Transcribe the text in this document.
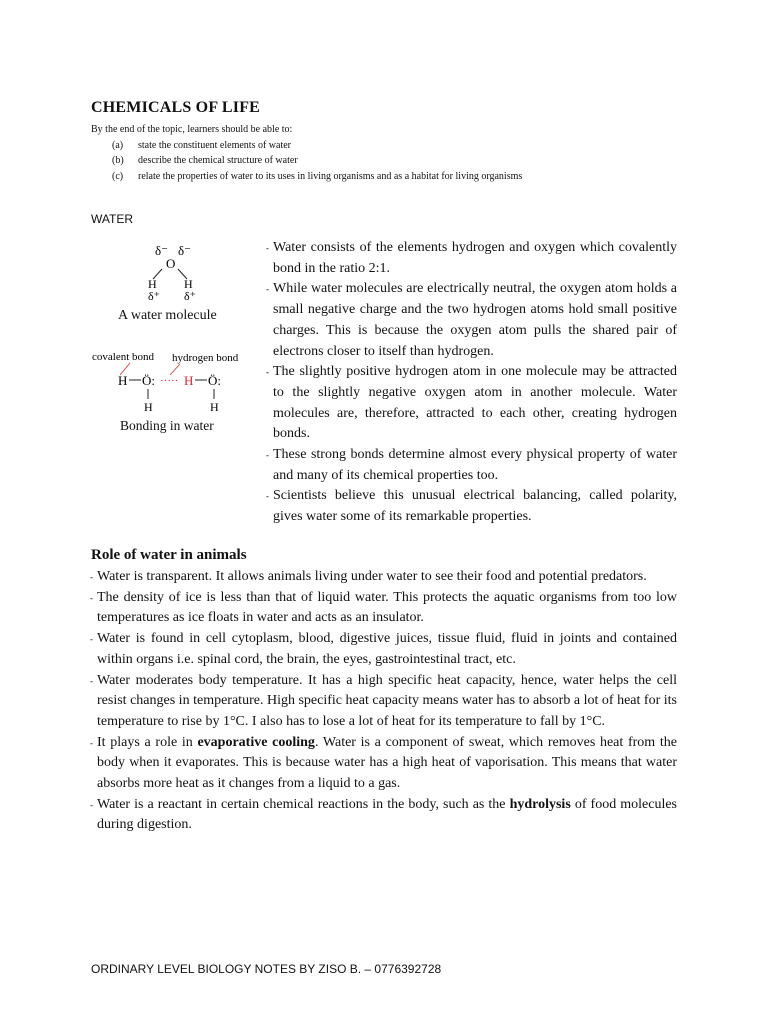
CHEMICALS OF LIFE
By the end of the topic, learners should be able to:
(a) state the constituent elements of water
(b) describe the chemical structure of water
(c) relate the properties of water to its uses in living organisms and as a habitat for living organisms
WATER
δ⁻ δ⁻
O
H H
δ⁺ δ⁺
covalent bond hydrogen bond
H Ö: ····· H Ö:
H	H
A water molecule
Bonding in water
- Water consists of the elements hydrogen and oxygen which covalently bond in the ratio 2:1.
- While water molecules are electrically neutral, the oxygen atom holds a small negative charge and the two hydrogen atoms hold small positive charges. This is because the oxygen atom pulls the shared pair of electrons closer to itself than hydrogen.
- The slightly positive hydrogen atom in one molecule may be attracted to the slightly negative oxygen atom in another molecule. Water molecules are, therefore, attracted to each other, creating hydrogen bonds.
- These strong bonds determine almost every physical property of water and many of its chemical properties too.
- Scientists believe this unusual electrical balancing, called polarity, gives water some of its remarkable properties.
Role of water in animals
- Water is transparent. It allows animals living under water to see their food and potential predators.
- The density of ice is less than that of liquid water. This protects the aquatic organisms from too low temperatures as ice floats in water and acts as an insulator.
- Water is found in cell cytoplasm, blood, digestive juices, tissue fluid, fluid in joints and contained within organs i.e. spinal cord, the brain, the eyes, gastrointestinal tract, etc.
- Water moderates body temperature. It has a high specific heat capacity, hence, water helps the cell resist changes in temperature. High specific heat capacity means water has to absorb a lot of heat for its temperature to rise by 1°C. I also has to lose a lot of heat for its temperature to fall by 1°C.
- It plays a role in evaporative cooling. Water is a component of sweat, which removes heat from the body when it evaporates. This is because water has a high heat of vaporisation. This means that water absorbs more heat as it changes from a liquid to a gas.
- Water is a reactant in certain chemical reactions in the body, such as the hydrolysis of food molecules during digestion.
ORDINARY LEVEL BIOLOGY NOTES BY ZISO B. – 0776392728
